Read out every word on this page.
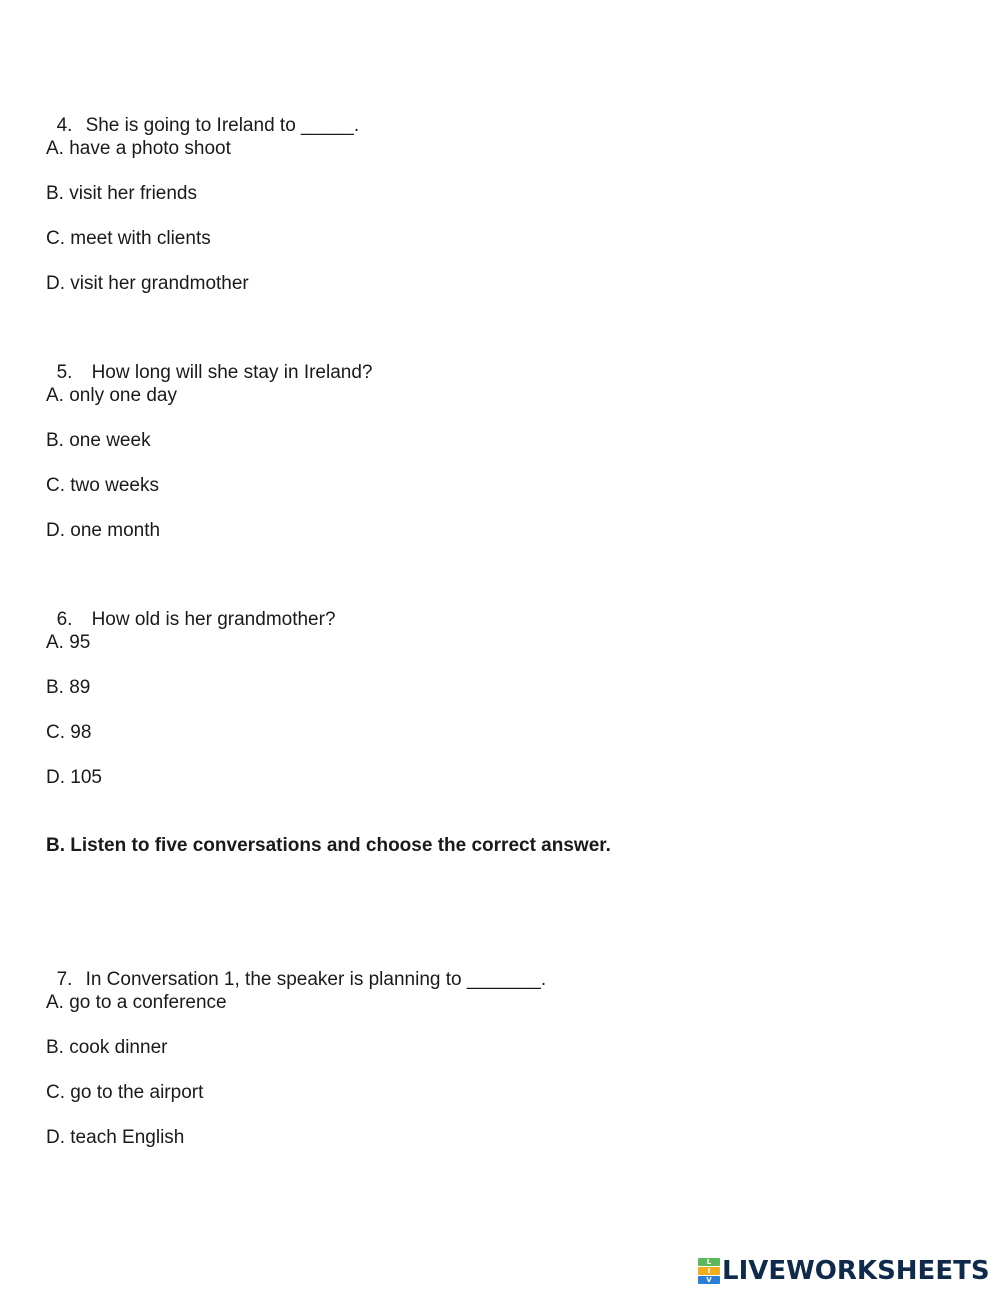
4. She is going to Ireland to _____.

A. have a photo shoot
B. visit her friends
C. meet with clients
D. visit her grandmother

5. How long will she stay in Ireland?

A. only one day
B. one week
C. two weeks
D. one month

6. How old is her grandmother?

A. 95
B. 89
C. 98
D. 105
B. Listen to five conversations and choose the correct answer.

7. In Conversation 1, the speaker is planning to _______.

A. go to a conference
B. cook dinner
C. go to the airport
D. teach English
L
I
V LIVEWORKSHEETS
